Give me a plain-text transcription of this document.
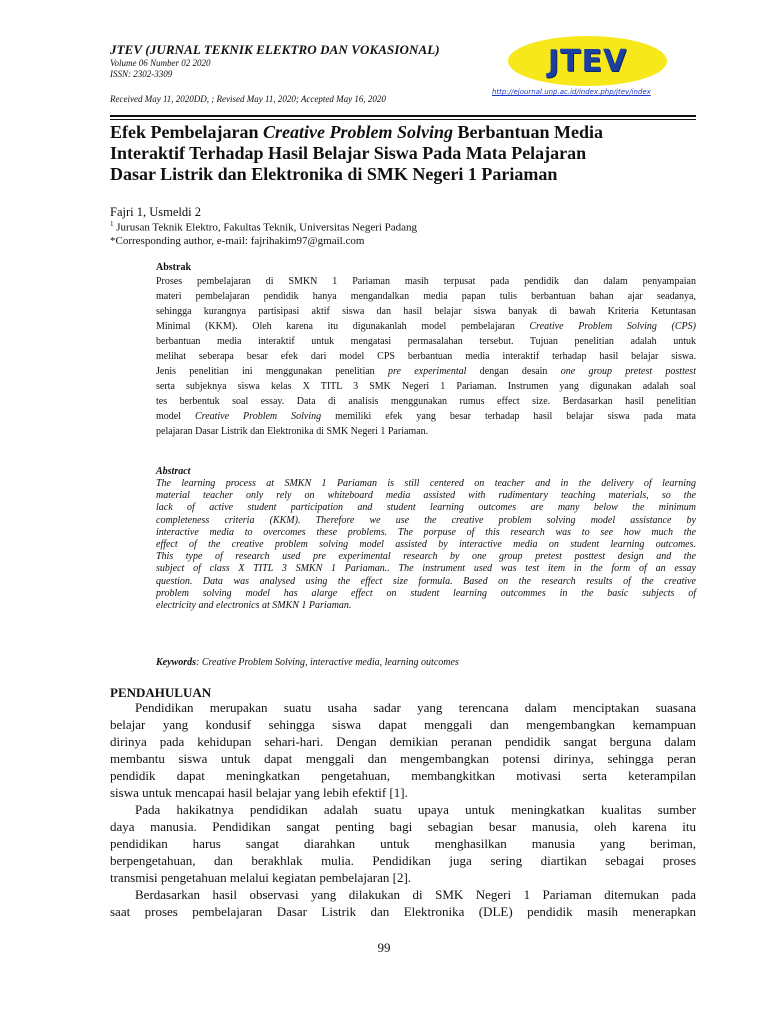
JTEV (JURNAL TEKNIK ELEKTRO DAN VOKASIONAL)
Volume 06 Number 02 2020
ISSN: 2302-3309	JTEV
http://ejournal.unp.ac.id/index.php/jtev/index
Received May 11, 2020DD, ; Revised May 11, 2020; Accepted May 16, 2020
Efek Pembelajaran Creative Problem Solving Berbantuan Media
Interaktif Terhadap Hasil Belajar Siswa Pada Mata Pelajaran
Dasar Listrik dan Elektronika di SMK Negeri 1 Pariaman
Fajri 1, Usmeldi 2
$^1$ Jurusan Teknik Elektro, Fakultas Teknik, Universitas Negeri Padang
*Corresponding author, e-mail: fajrihakim97@gmail.com
Abstrak
Proses pembelajaran di SMKN 1 Pariaman masih terpusat pada pendidik dan dalam penyampaian
materi pembelajaran pendidik hanya mengandalkan media papan tulis berbantuan bahan ajar seadanya,
sehingga kurangnya partisipasi aktif siswa dan hasil belajar siswa banyak di bawah Kriteria Ketuntasan
Minimal (KKM). Oleh karena itu digunakanlah model pembelajaran Creative Problem Solving (CPS)
berbantuan media interaktif untuk mengatasi permasalahan tersebut. Tujuan penelitian adalah untuk
melihat seberapa besar efek dari model CPS berbantuan media interaktif terhadap hasil belajar siswa.
Jenis penelitian ini menggunakan penelitian pre experimental dengan desain one group pretest posttest
serta subjeknya siswa kelas X TITL 3 SMK Negeri 1 Pariaman. Instrumen yang digunakan adalah soal
tes berbentuk soal essay. Data di analisis menggunakan rumus effect size. Berdasarkan hasil penelitian
model Creative Problem Solving memiliki efek yang besar terhadap hasil belajar siswa pada mata
pelajaran Dasar Listrik dan Elektronika di SMK Negeri 1 Pariaman.
Abstract
The learning process at SMKN 1 Pariaman is still centered on teacher and in the delivery of learning
material teacher only rely on whiteboard media assisted with rudimentary teaching materials, so the
lack of active student participation and student learning outcomes are many below the minimum
completeness criteria (KKM). Therefore we use the creative problem solving model assistance by
interactive media to overcomes these problems. The porpuse of this research was to see how much the
effect of the creative problem solving model assisted by interactive media on student learning outcomes.
This type of research used pre experimental research by one group pretest posttest design and the
subject of class X TITL 3 SMKN 1 Pariaman.. The instrument used was test item in the form of an essay
question. Data was analysed using the effect size formula. Based on the research results of the creative
problem solving model has alarge effect on student learning outcommes in the basic subjects of
electricity and electronics at SMKN 1 Pariaman.
Keywords: Creative Problem Solving, interactive media, learning outcomes
PENDAHULUAN
Pendidikan merupakan suatu usaha sadar yang terencana dalam menciptakan suasana
belajar yang kondusif sehingga siswa dapat menggali dan mengembangkan kemampuan
dirinya pada kehidupan sehari-hari. Dengan demikian peranan pendidik sangat berguna dalam
membantu siswa untuk dapat menggali dan mengembangkan potensi dirinya, sehingga peran
pendidik dapat meningkatkan pengetahuan, membangkitkan motivasi serta keterampilan
siswa untuk mencapai hasil belajar yang lebih efektif [1].
Pada hakikatnya pendidikan adalah suatu upaya untuk meningkatkan kualitas sumber
daya manusia. Pendidikan sangat penting bagi sebagian besar manusia, oleh karena itu
pendidikan harus sangat diarahkan untuk menghasilkan manusia yang beriman,
berpengetahuan, dan berakhlak mulia. Pendidikan juga sering diartikan sebagai proses
transmisi pengetahuan melalui kegiatan pembelajaran [2].
Berdasarkan hasil observasi yang dilakukan di SMK Negeri 1 Pariaman ditemukan pada
saat proses pembelajaran Dasar Listrik dan Elektronika (DLE) pendidik masih menerapkan
99
